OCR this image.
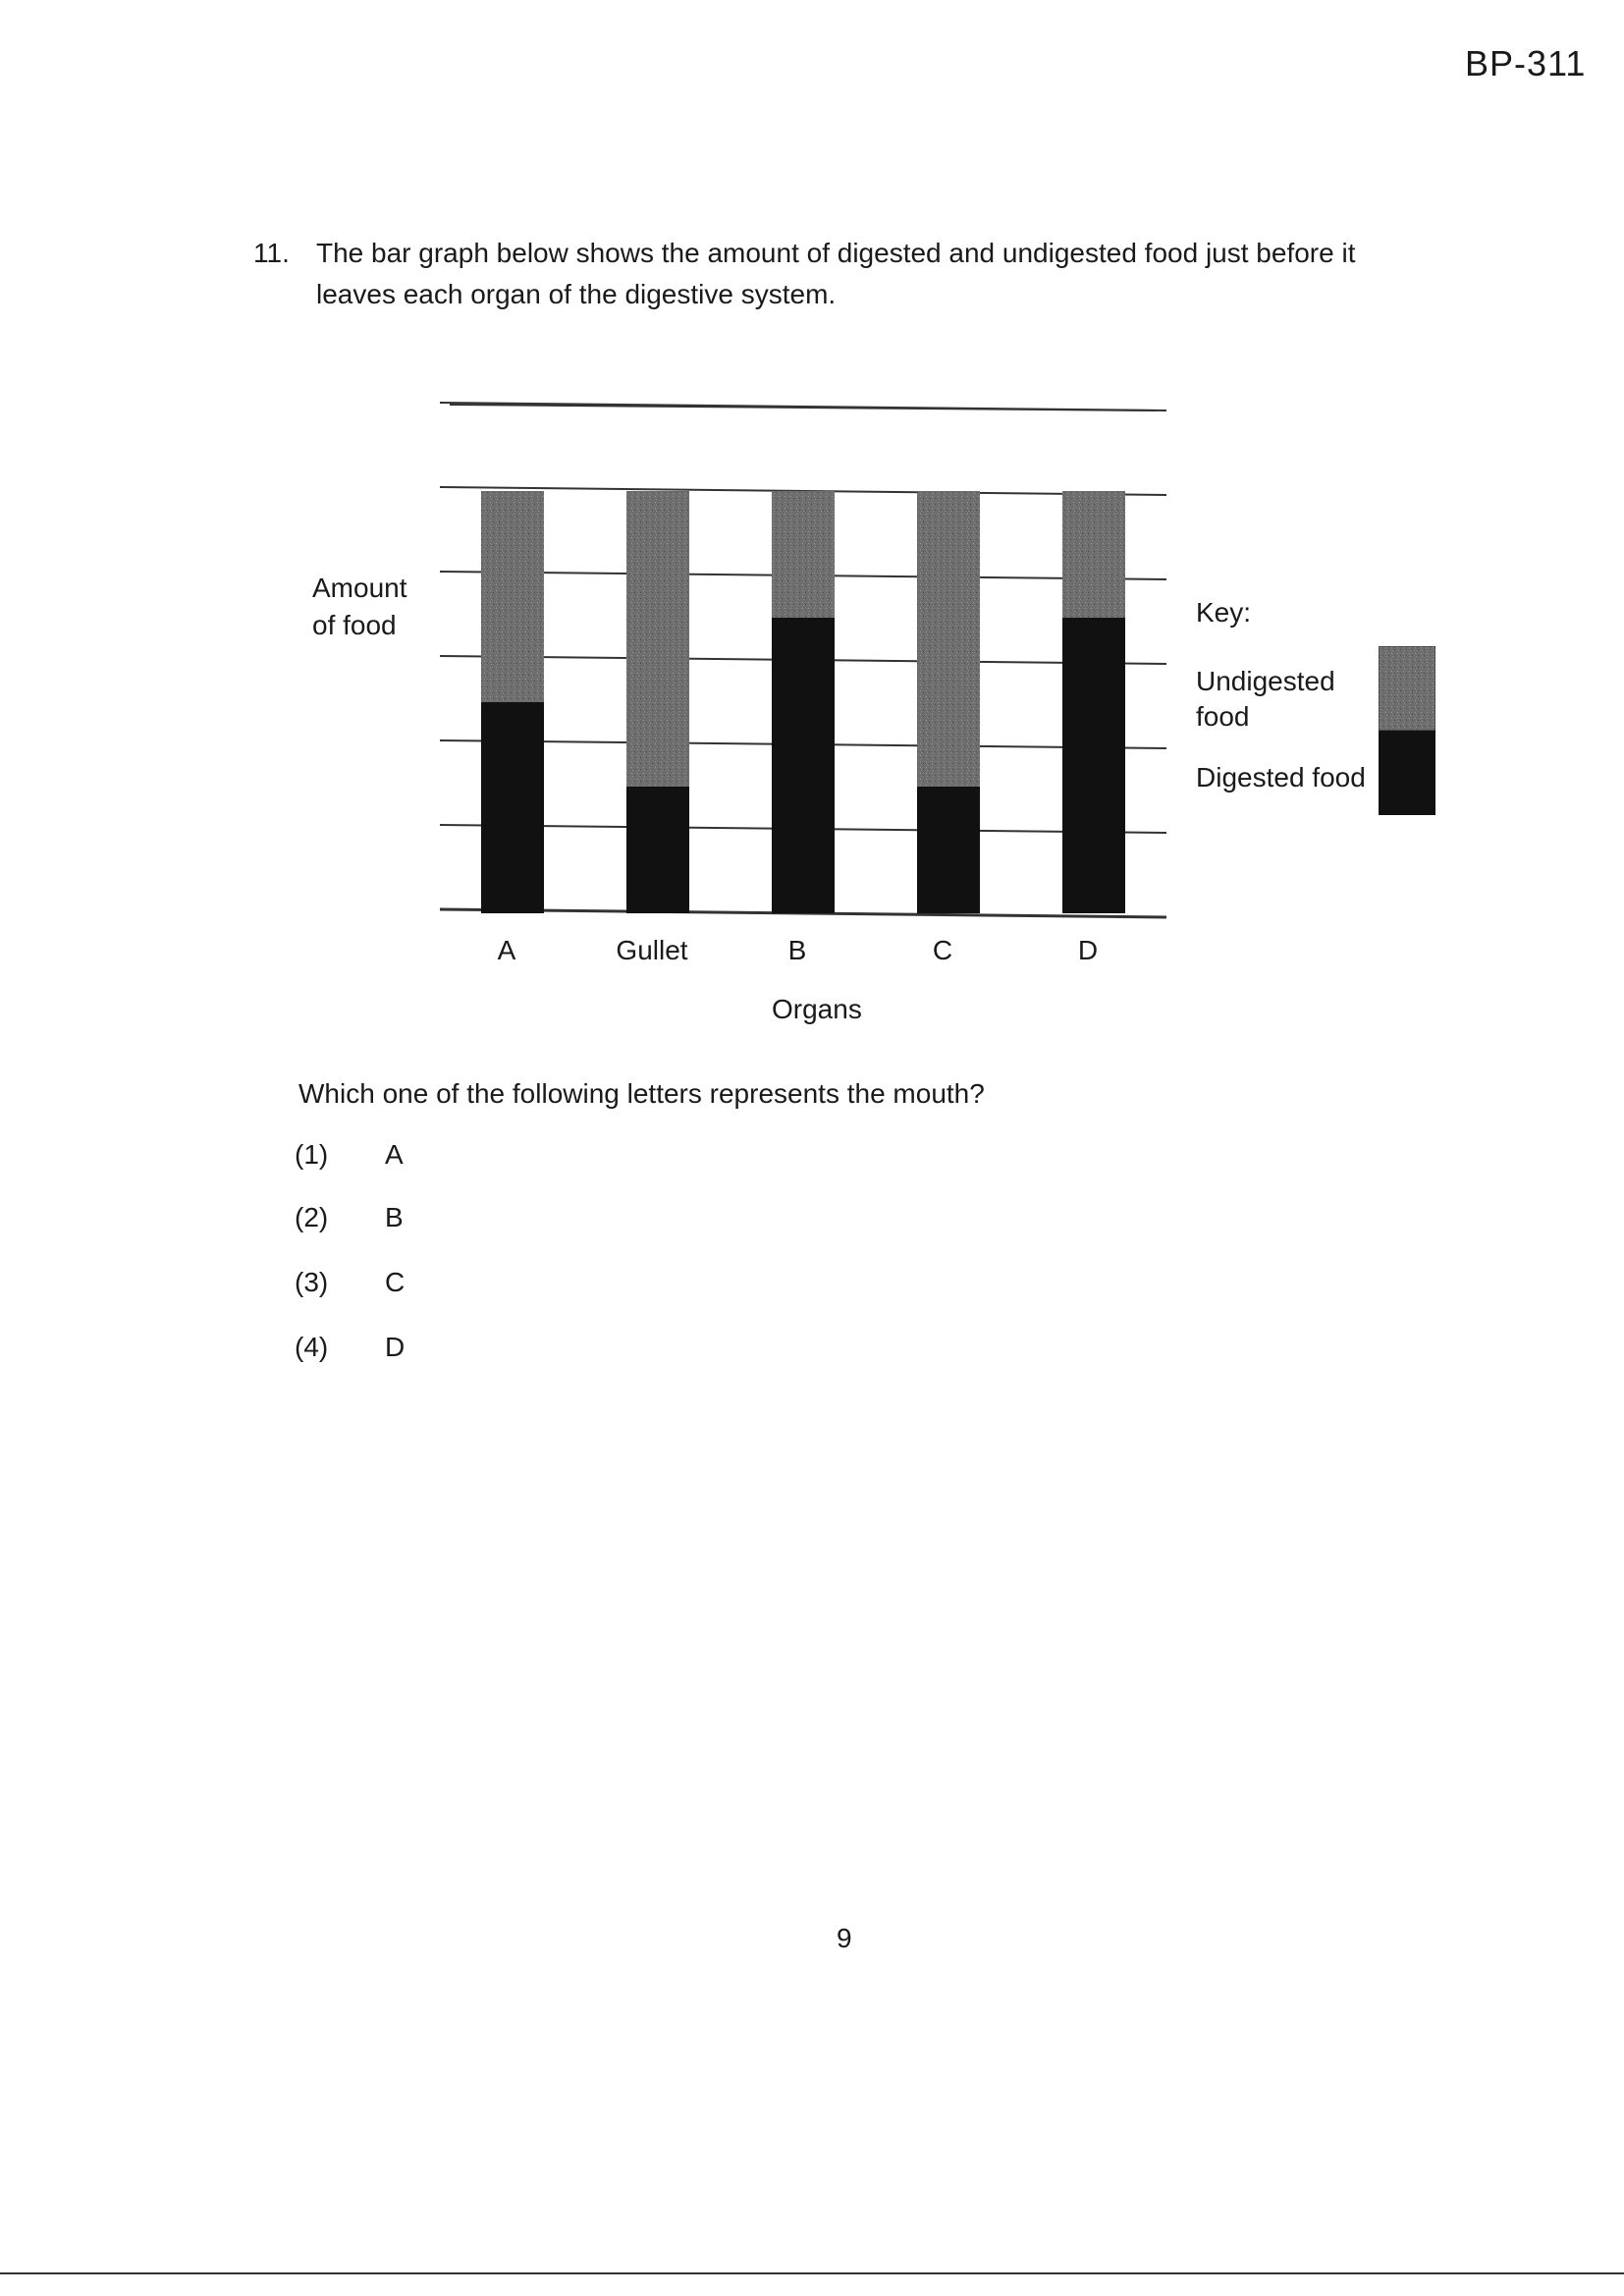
BP-311
11. The bar graph below shows the amount of digested and undigested food just before it
leaves each organ of the digestive system.
Amount
of food
A	Gullet	B	C	D
Organs
Key:
Undigested
food
Digested food
Which one of the following letters represents the mouth?
(1) A
(2) B
(3) C
(4) D
9
